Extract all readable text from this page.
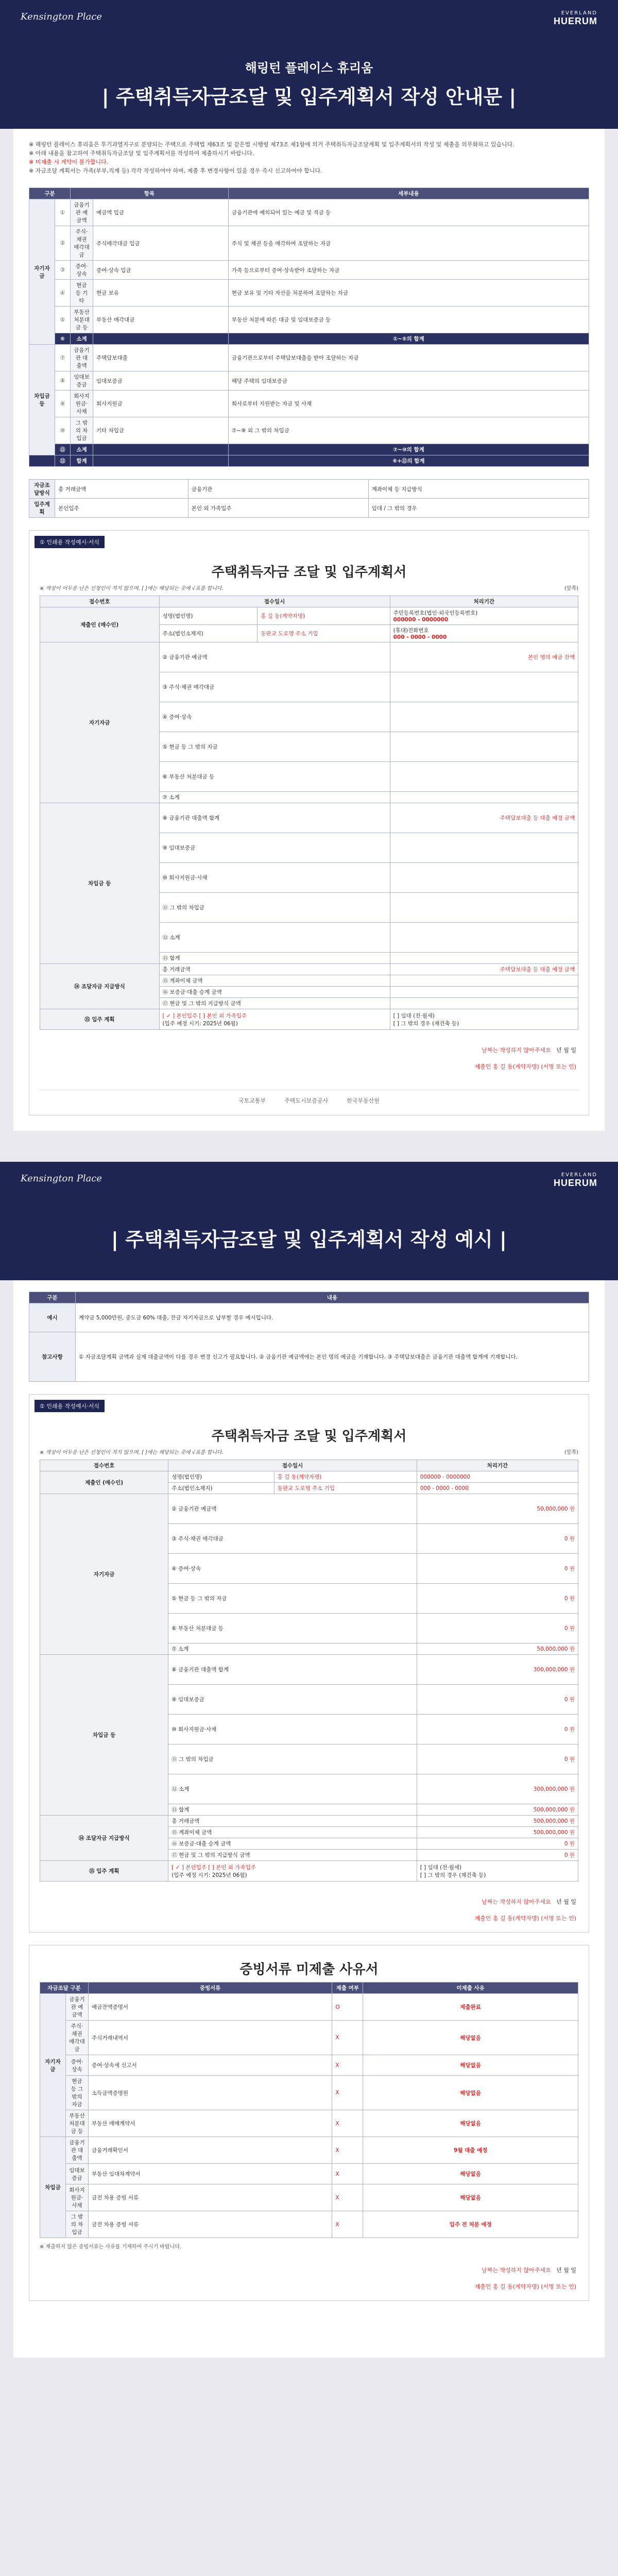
Kensington Place	EVERLAND
HUERUM
해링턴 플레이스 휴리움
| 주택취득자금조달 및 입주계획서 작성 안내문 |

※ 해링턴 플레이스 휴리움은 투기과열지구로 분양되는 주택으로 주택법 제63조 및 같은법 시행령 제73조 제1항에 의거 주택취득자금조달계획 및 입주계획서의 작성 및 제출을 의무화하고 있습니다.

※ 아래 내용을 참고하여 주택취득자금조달 및 입주계획서를 작성하여 제출하시기 바랍니다.

※ 미제출 시 계약이 불가합니다.

※ 자금조달 계획서는 가족(부부,직계 등) 각각 작성하여야 하며, 제출 후 변경사항이 있을 경우 즉시 신고하여야 합니다.

구분		항목		세부내용
자기자금	①	금융기관 예금액	예금액 입금	금융기관에 예치되어 있는 예금 및 적금 등
	②	주식·채권 매각대금	주식매각대금 입금	주식 및 채권 등을 매각하여 조달하는 자금
	③	증여·상속	증여·상속 입금	가족 등으로부터 증여·상속받아 조달하는 자금
	④	현금 등 기타	현금 보유	현금 보유 및 기타 자산을 처분하여 조달하는 자금
	⑤	부동산 처분대금 등	부동산 매각대금	부동산 처분에 따른 대금 및 임대보증금 등
	⑥	소계		①~⑤의 합계
차입금 등	⑦	금융기관 대출액	주택담보대출	금융기관으로부터 주택담보대출을 받아 조달하는 자금
	⑧	임대보증금	임대보증금	해당 주택의 임대보증금
	⑨	회사지원금·사채	회사지원금	회사로부터 지원받는 자금 및 사채
	⑩	그 밖의 차입금	기타 차입금	⑦~⑨ 외 그 밖의 차입금
	⑪	소계		⑦~⑩의 합계
	⑫	합계		⑥+⑪의 합계
자금조달방식	총 거래금액	금융기관	계좌이체 등 지급방식
입주계획	본인입주	본인 외 가족입주	임대 / 그 밖의 경우
① 인쇄용 작성예시·서식
주택취득자금 조달 및 입주계획서
(앞쪽)
※ 색상이 어두운 난은 신청인이 적지 않으며, [ ]에는 해당되는 곳에 √표를 합니다.
접수번호	접수일시		처리기간
제출인 (매수인)	성명(법인명)	홍 길 동(계약자명)	주민등록번호(법인·외국인등록번호)
000000 - 0000000
	주소(법인소재지)	동판교 도로명 주소 기입	(휴대)전화번호
000 - 0000 - 0000
자기자금	② 금융기관 예금액		본인 명의 예금 잔액
	③ 주식·채권 매각대금		
	④ 증여·상속		
	⑤ 현금 등 그 밖의 자금		
	⑥ 부동산 처분대금 등		
	⑦ 소계		
차입금 등	⑧ 금융기관 대출액 합계		주택담보대출 등 대출 예정 금액
	⑨ 임대보증금		
	⑩ 회사지원금·사채		
	⑪ 그 밖의 차입금		
	⑫ 소계		
	⑬ 합계		
⑭ 조달자금 지급방식	총 거래금액		주택담보대출 등 대출 예정 금액
	⑮ 계좌이체 금액		
	⑯ 보증금·대출 승계 금액		
	⑰ 현금 및 그 밖의 지급방식 금액		
⑮ 입주 계획	[ ✓ ] 본인입주 [ ] 본인 외 가족입주
(입주 예정 시기: 2025년 06월)		[ ] 임대 (전·월세)
[ ] 그 밖의 경우 (재건축 등)
날짜는 작성하지 않아주세요 년 월 일
제출인 홍 길 동(계약자명) (서명 또는 인)
국토교통부	주택도시보증공사	한국부동산원
Kensington Place	EVERLAND
HUERUM
| 주택취득자금조달 및 입주계획서 작성 예시 |
구분	내용
예시	계약금 5,000만원, 중도금 60% 대출, 잔금 자기자금으로 납부할 경우 예시입니다.
참고사항	① 자금조달계획 금액과 실제 대출금액이 다를 경우 변경 신고가 필요합니다. ② 금융기관 예금액에는 본인 명의 예금을 기재합니다. ③ 주택담보대출은 금융기관 대출액 합계에 기재합니다.
① 인쇄용 작성예시·서식
주택취득자금 조달 및 입주계획서
(앞쪽)
※ 색상이 어두운 난은 신청인이 적지 않으며, [ ]에는 해당되는 곳에 √표를 합니다.
접수번호	접수일시		처리기간
제출인 (매수인)	성명(법인명)	홍 길 동(계약자명)	000000 - 0000000
	주소(법인소재지)	동판교 도로명 주소 기입	000 - 0000 - 0000
자기자금	② 금융기관 예금액		50,000,000 원
	③ 주식·채권 매각대금		0 원
	④ 증여·상속		0 원
	⑤ 현금 등 그 밖의 자금		0 원
	⑥ 부동산 처분대금 등		0 원
	⑦ 소계		50,000,000 원
차입금 등	⑧ 금융기관 대출액 합계		300,000,000 원
	⑨ 임대보증금		0 원
	⑩ 회사지원금·사채		0 원
	⑪ 그 밖의 차입금		0 원
	⑫ 소계		300,000,000 원
	⑬ 합계		500,000,000 원
⑭ 조달자금 지급방식	총 거래금액		500,000,000 원
	⑮ 계좌이체 금액		500,000,000 원
	⑯ 보증금·대출 승계 금액		0 원
	⑰ 현금 및 그 밖의 지급방식 금액		0 원
⑮ 입주 계획	[ ✓ ] 본인입주 [ ] 본인 외 가족입주
(입주 예정 시기: 2025년 06월)		[ ] 임대 (전·월세)
[ ] 그 밖의 경우 (재건축 등)
날짜는 작성하지 않아주세요 년 월 일
제출인 홍 길 동(계약자명) (서명 또는 인)
증빙서류 미제출 사유서
자금조달 구분		증빙서류	제출 여부	미제출 사유
자기자금	금융기관 예금액	예금잔액증명서	O	제출완료
	주식·채권 매각대금	주식거래내역서	X	해당없음
	증여·상속	증여·상속세 신고서	X	해당없음
	현금 등 그 밖의 자금	소득금액증명원	X	해당없음
	부동산 처분대금 등	부동산 매매계약서	X	해당없음
차입금	금융기관 대출액	금융거래확인서	X	9월 대출 예정
	임대보증금	부동산 임대차계약서	X	해당없음
	회사지원금·사채	금전 차용 증빙 서류	X	해당없음
	그 밖의 차입금	금전 차용 증빙 서류	X	입주 전 처분 예정
※ 제출하지 않은 증빙서류는 사유를 기재하여 주시기 바랍니다.
날짜는 작성하지 않아주세요 년 월 일
제출인 홍 길 동(계약자명) (서명 또는 인)
